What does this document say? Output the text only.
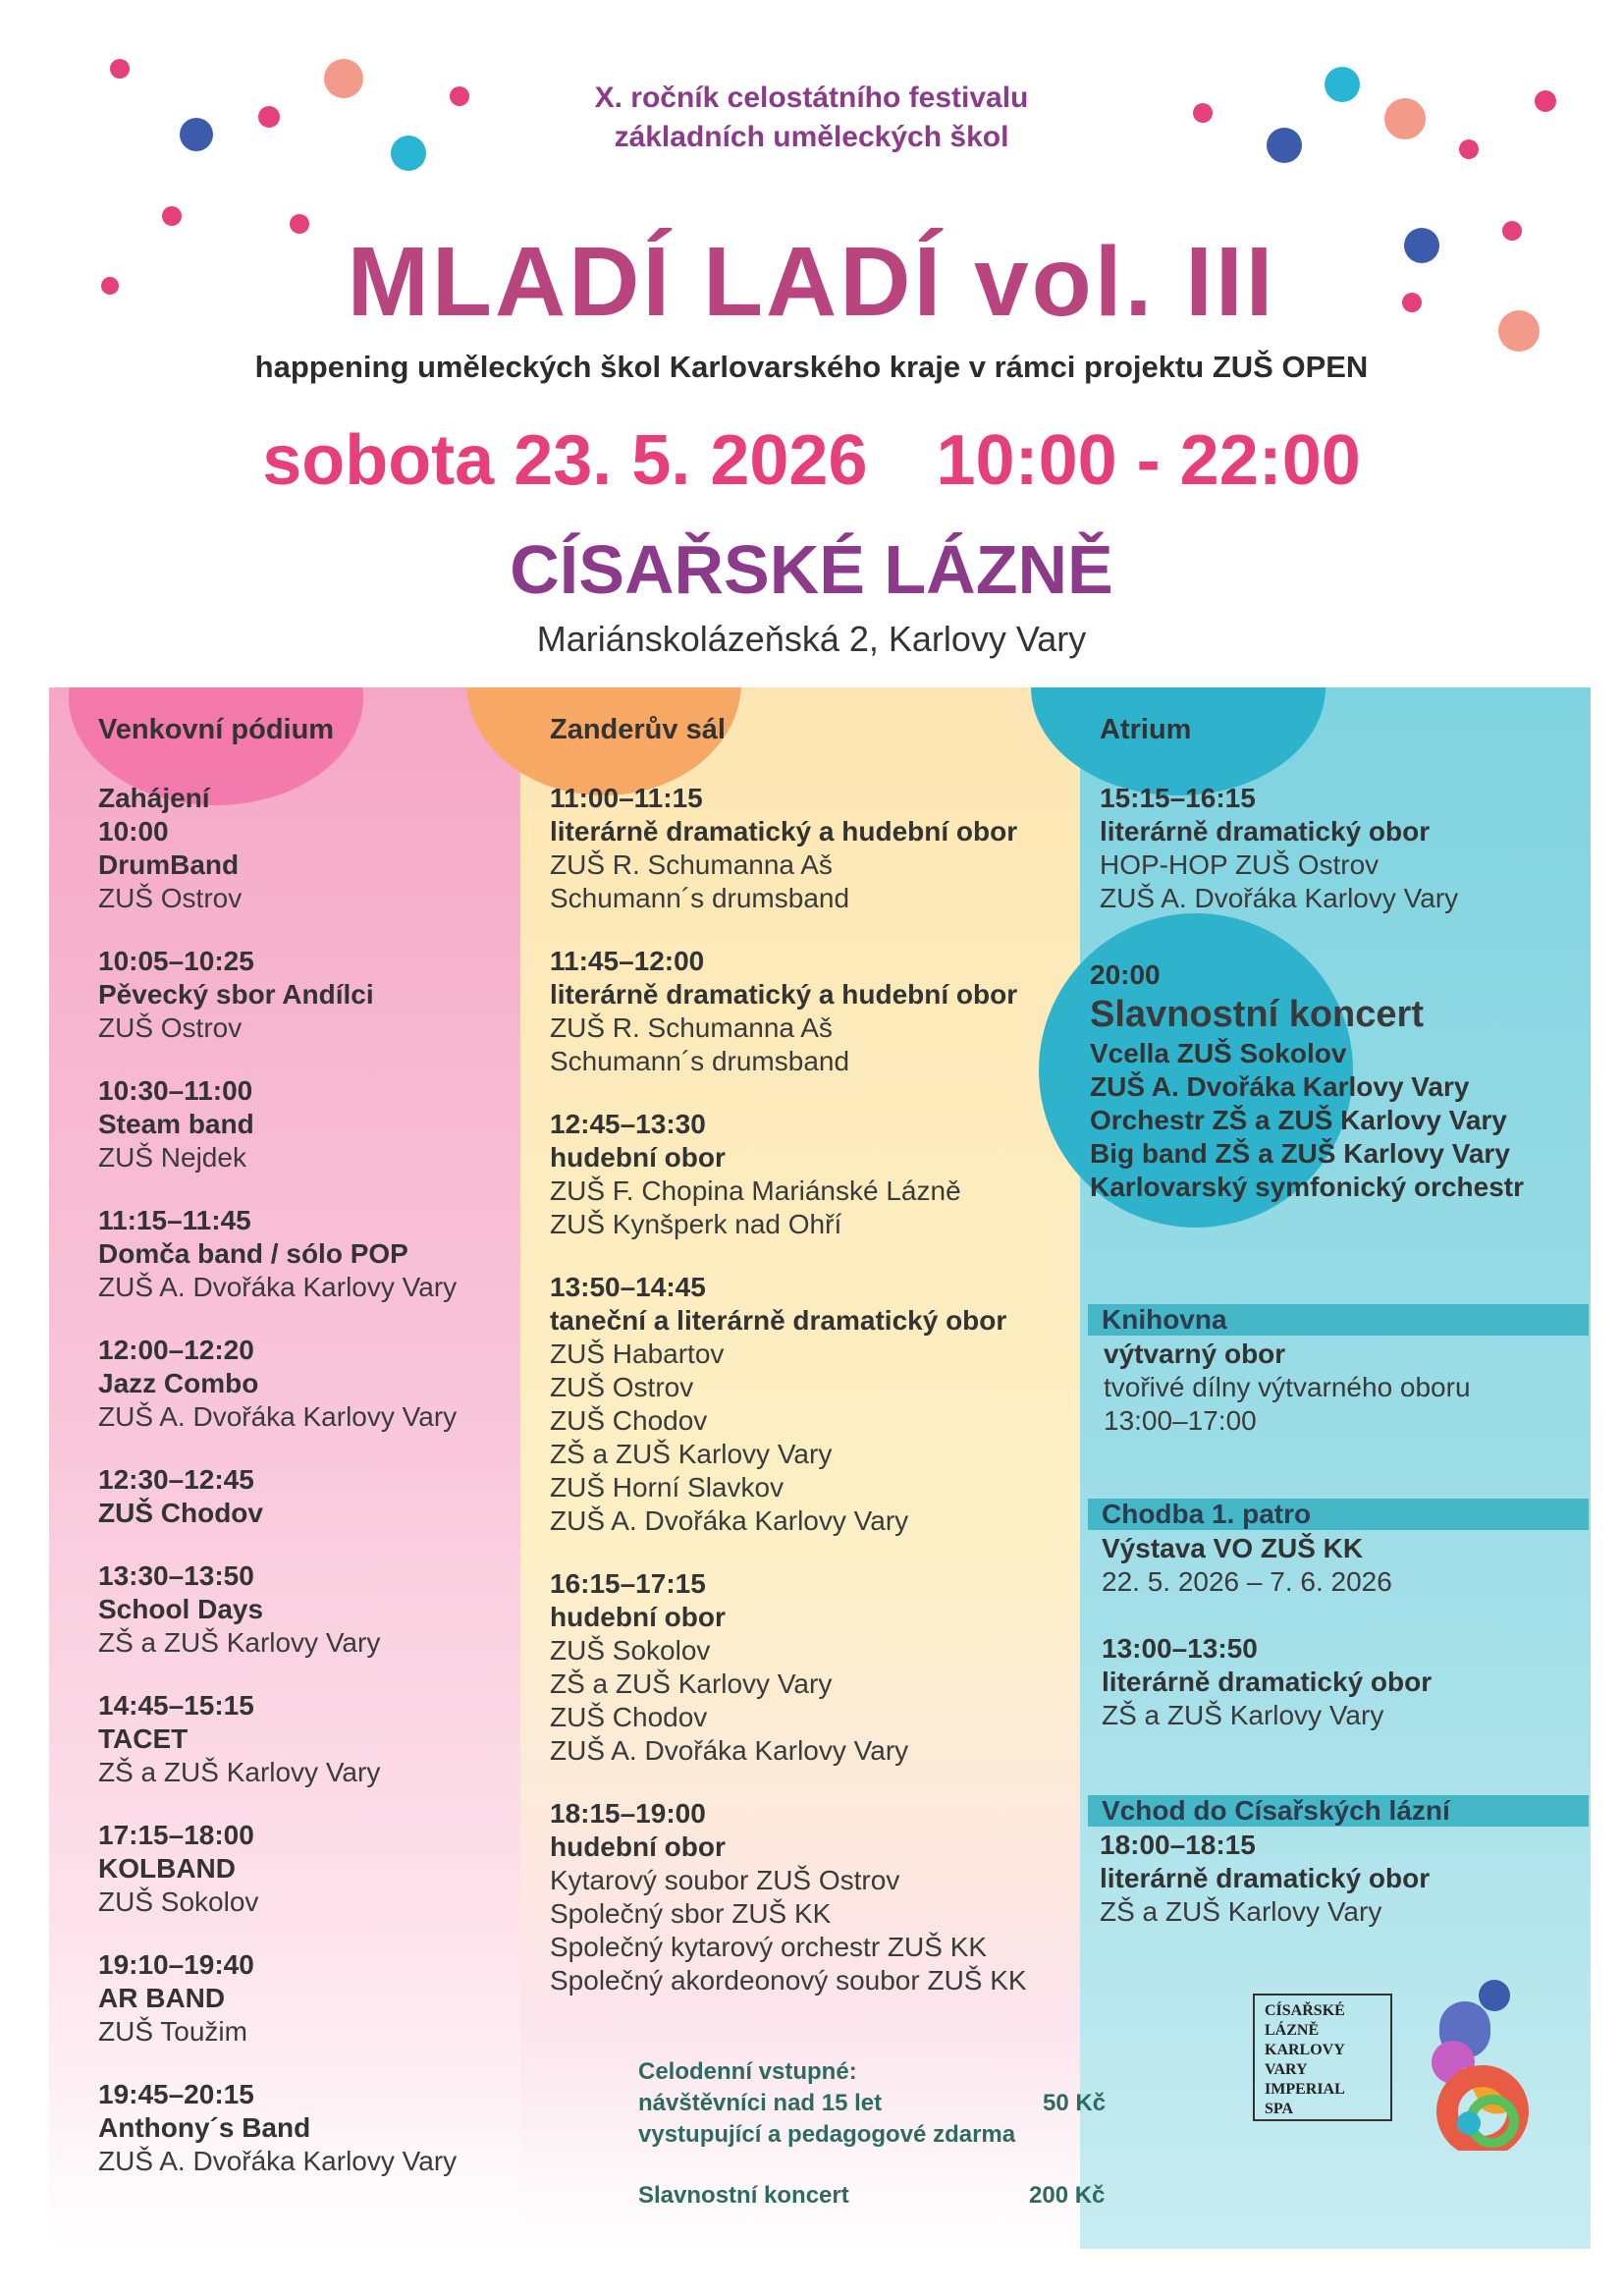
X. ročník celostátního festivalu
základních uměleckých škol
MLADÍ LADÍ vol. III
happening uměleckých škol Karlovarského kraje v rámci projektu ZUŠ OPEN
sobota 23. 5. 2026 10:00 - 22:00
CÍSAŘSKÉ LÁZNĚ
Mariánskolázeňská 2, Karlovy Vary
Venkovní pódium
Zahájení
10:00
DrumBand
ZUŠ Ostrov
10:05–10:25
Pěvecký sbor Andílci
ZUŠ Ostrov
10:30–11:00
Steam band
ZUŠ Nejdek
11:15–11:45
Domča band / sólo POP
ZUŠ A. Dvořáka Karlovy Vary
12:00–12:20
Jazz Combo
ZUŠ A. Dvořáka Karlovy Vary
12:30–12:45
ZUŠ Chodov
13:30–13:50
School Days
ZŠ a ZUŠ Karlovy Vary
14:45–15:15
TACET
ZŠ a ZUŠ Karlovy Vary
17:15–18:00
KOLBAND
ZUŠ Sokolov
19:10–19:40
AR BAND
ZUŠ Toužim
19:45–20:15
Anthony´s Band
ZUŠ A. Dvořáka Karlovy Vary
Zanderův sál
11:00–11:15
literárně dramatický a hudební obor
ZUŠ R. Schumanna Aš
Schumann´s drumsband
11:45–12:00
literárně dramatický a hudební obor
ZUŠ R. Schumanna Aš
Schumann´s drumsband
12:45–13:30
hudební obor
ZUŠ F. Chopina Mariánské Lázně
ZUŠ Kynšperk nad Ohří
13:50–14:45
taneční a literárně dramatický obor
ZUŠ Habartov
ZUŠ Ostrov
ZUŠ Chodov
ZŠ a ZUŠ Karlovy Vary
ZUŠ Horní Slavkov
ZUŠ A. Dvořáka Karlovy Vary
16:15–17:15
hudební obor
ZUŠ Sokolov
ZŠ a ZUŠ Karlovy Vary
ZUŠ Chodov
ZUŠ A. Dvořáka Karlovy Vary
18:15–19:00
hudební obor
Kytarový soubor ZUŠ Ostrov
Společný sbor ZUŠ KK
Společný kytarový orchestr ZUŠ KK
Společný akordeonový soubor ZUŠ KK
Atrium
15:15–16:15
literárně dramatický obor
HOP-HOP ZUŠ Ostrov
ZUŠ A. Dvořáka Karlovy Vary
20:00
Slavnostní koncert
Vcella ZUŠ Sokolov
ZUŠ A. Dvořáka Karlovy Vary
Orchestr ZŠ a ZUŠ Karlovy Vary
Big band ZŠ a ZUŠ Karlovy Vary
Karlovarský symfonický orchestr
Knihovna
výtvarný obor
tvořivé dílny výtvarného oboru
13:00–17:00
Chodba 1. patro
Výstava VO ZUŠ KK
22. 5. 2026 – 7. 6. 2026
13:00–13:50
literárně dramatický obor
ZŠ a ZUŠ Karlovy Vary
Vchod do Císařských lázní
18:00–18:15
literárně dramatický obor
ZŠ a ZUŠ Karlovy Vary
Celodenní vstupné:
návštěvníci nad 15 let	50 Kč
vystupující a pedagogové zdarma
Slavnostní koncert	200 Kč
CÍSAŘSKÉ
LÁZNĚ
KARLOVY
VARY
IMPERIAL
SPA
